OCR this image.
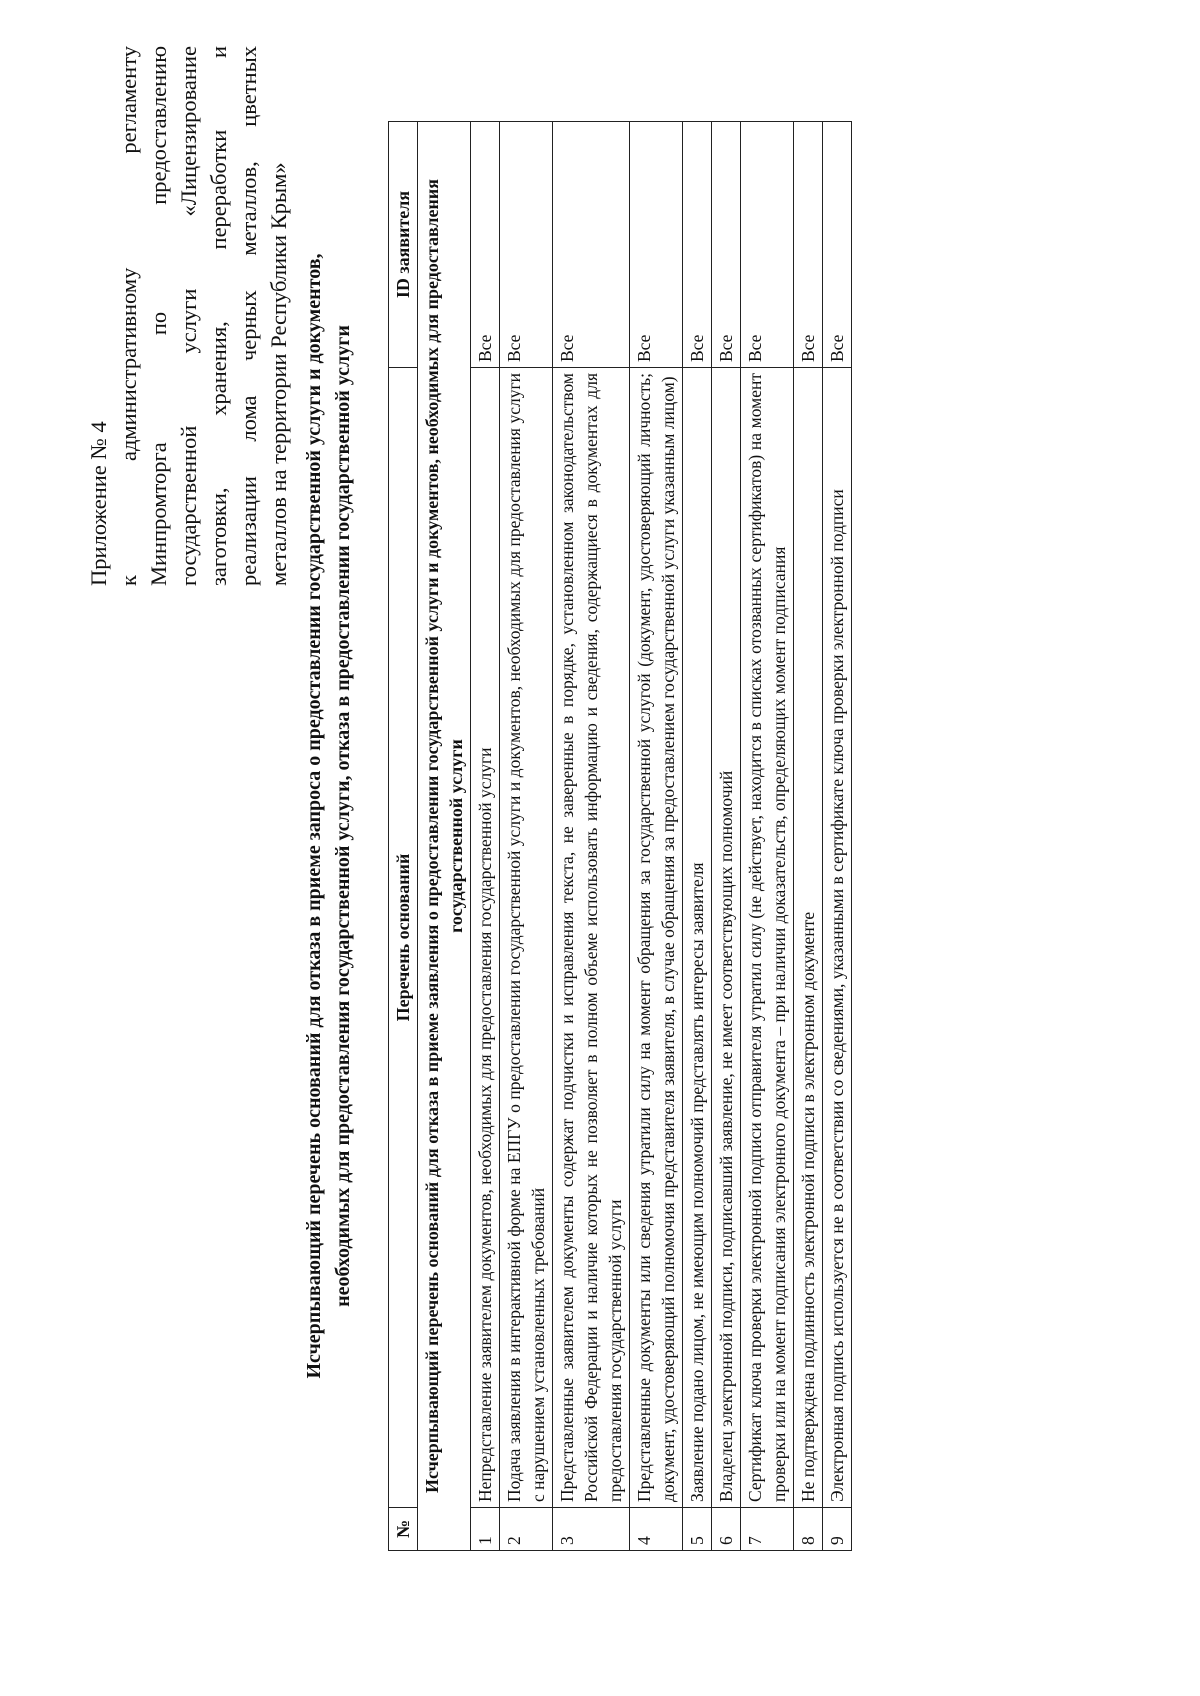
Приложение № 4 к административному регламенту Минпромторга по предоставлению государственной услуги «Лицензирование заготовки, хранения, переработки и реализации лома черных металлов, цветных металлов на территории Республики Крым» Исчерпывающий перечень оснований для отказа в приеме запроса о предоставлении государственной услуги и документов, необходимых для предоставления государственной услуги, отказа в предоставлении государственной услуги
№	Перечень оснований	ID заявителя
Исчерпывающий перечень оснований для отказа в приеме заявления о предоставлении государственной услуги и документов, необходимых для предоставления государственной услуги		
1	Непредставление заявителем документов, необходимых для предоставления государственной услуги	Все
2	Подача заявления в интерактивной форме на ЕПГУ о предоставлении государственной услуги и документов, необходимых для предоставления услуги с нарушением установленных требований	Все
3	Представленные заявителем документы содержат подчистки и исправления текста, не заверенные в порядке, установленном законодательством Российской Федерации и наличие которых не позволяет в полном объеме использовать информацию и сведения, содержащиеся в документах для предоставления государственной услуги	Все
4	Представленные документы или сведения утратили силу на момент обращения за государственной услугой (документ, удостоверяющий личность; документ, удостоверяющий полномочия представителя заявителя, в случае обращения за предоставлением государственной услуги указанным лицом)	Все
5	Заявление подано лицом, не имеющим полномочий представлять интересы заявителя	Все
6	Владелец электронной подписи, подписавший заявление, не имеет соответствующих полномочий	Все
7	Сертификат ключа проверки электронной подписи отправителя утратил силу (не действует, находится в списках отозванных сертификатов) на момент проверки или на момент подписания электронного документа – при наличии доказательств, определяющих момент подписания	Все
8	Не подтверждена подлинность электронной подписи в электронном документе	Все
9	Электронная подпись используется не в соответствии со сведениями, указанными в сертификате ключа проверки электронной подписи	Все
